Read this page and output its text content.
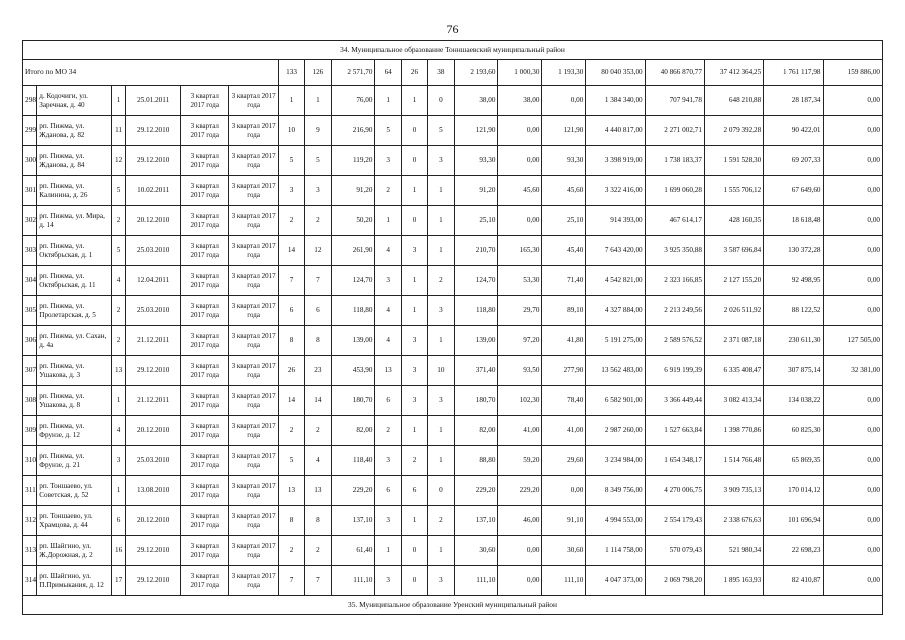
76
34. Муниципальное образование Тонншаевский муниципальный район																			
Итого по МО 34						133	126	2 571,70	64	26	38	2 193,60	1 000,30	1 193,30	80 040 353,00	40 866 870,77	37 412 364,25	1 761 117,98	159 886,00
298	д. Кодочиги, ул. Заречная, д. 40	1	25.01.2011	3 квартал 2017 года	3 квартал 2017 года	1	1	76,00	1	1	0	38,00	38,00	0,00	1 384 340,00	707 941,78	648 210,88	28 187,34	0,00
299	рп. Пижма, ул. Жданова, д. 82	11	29.12.2010	3 квартал 2017 года	3 квартал 2017 года	10	9	216,90	5	0	5	121,90	0,00	121,90	4 440 817,00	2 271 002,71	2 079 392,28	90 422,01	0,00
300	рп. Пижма, ул. Жданова, д. 84	12	29.12.2010	3 квартал 2017 года	3 квартал 2017 года	5	5	119,20	3	0	3	93,30	0,00	93,30	3 398 919,00	1 738 183,37	1 591 528,30	69 207,33	0,00
301	рп. Пижма, ул. Калинина, д. 26	5	10.02.2011	3 квартал 2017 года	3 квартал 2017 года	3	3	91,20	2	1	1	91,20	45,60	45,60	3 322 416,00	1 699 060,28	1 555 706,12	67 649,60	0,00
302	рп. Пижма, ул. Мира, д. 14	2	20.12.2010	3 квартал 2017 года	3 квартал 2017 года	2	2	50,20	1	0	1	25,10	0,00	25,10	914 393,00	467 614,17	428 160,35	18 618,48	0,00
303	рп. Пижма, ул. Октябрьская, д. 1	5	25.03.2010	3 квартал 2017 года	3 квартал 2017 года	14	12	261,90	4	3	1	210,70	165,30	45,40	7 643 420,00	3 925 350,88	3 587 696,84	130 372,28	0,00
304	рп. Пижма, ул. Октябрьская, д. 11	4	12.04.2011	3 квартал 2017 года	3 квартал 2017 года	7	7	124,70	3	1	2	124,70	53,30	71,40	4 542 821,00	2 323 166,85	2 127 155,20	92 498,95	0,00
305	рп. Пижма, ул. Пролетарская, д. 5	2	25.03.2010	3 квартал 2017 года	3 квартал 2017 года	6	6	118,80	4	1	3	118,80	29,70	89,10	4 327 884,00	2 213 249,56	2 026 511,92	88 122,52	0,00
306	рп. Пижма, ул. Сахан, д. 4а	2	21.12.2011	3 квартал 2017 года	3 квартал 2017 года	8	8	139,00	4	3	1	139,00	97,20	41,80	5 191 275,00	2 589 576,52	2 371 087,18	230 611,30	127 505,00
307	рп. Пижма, ул. Ушакова, д. 3	13	29.12.2010	3 квартал 2017 года	3 квартал 2017 года	26	23	453,90	13	3	10	371,40	93,50	277,90	13 562 483,00	6 919 199,39	6 335 408,47	307 875,14	32 381,00
308	рп. Пижма, ул. Ушакова, д. 8	1	21.12.2011	3 квартал 2017 года	3 квартал 2017 года	14	14	180,70	6	3	3	180,70	102,30	78,40	6 582 901,00	3 366 449,44	3 082 413,34	134 038,22	0,00
309	рп. Пижма, ул. Фрунзе, д. 12	4	20.12.2010	3 квартал 2017 года	3 квартал 2017 года	2	2	82,00	2	1	1	82,00	41,00	41,00	2 987 260,00	1 527 663,84	1 398 770,86	60 825,30	0,00
310	рп. Пижма, ул. Фрунзе, д. 21	3	25.03.2010	3 квартал 2017 года	3 квартал 2017 года	5	4	118,40	3	2	1	88,80	59,20	29,60	3 234 984,00	1 654 348,17	1 514 766,48	65 869,35	0,00
311	рп. Тоншаево, ул. Советская, д. 52	1	13.08.2010	3 квартал 2017 года	3 квартал 2017 года	13	13	229,20	6	6	0	229,20	229,20	0,00	8 349 756,00	4 270 006,75	3 909 735,13	170 014,12	0,00
312	рп. Тоншаево, ул. Храмцова, д. 44	6	20.12.2010	3 квартал 2017 года	3 квартал 2017 года	8	8	137,10	3	1	2	137,10	46,00	91,10	4 994 553,00	2 554 179,43	2 338 676,63	101 696,94	0,00
313	рп. Шайгино, ул. Ж.Дорожная, д. 2	16	29.12.2010	3 квартал 2017 года	3 квартал 2017 года	2	2	61,40	1	0	1	30,60	0,00	30,60	1 114 758,00	570 079,43	521 980,34	22 698,23	0,00
314	рп. Шайгино, ул. П.Примыкания, д. 12	17	29.12.2010	3 квартал 2017 года	3 квартал 2017 года	7	7	111,10	3	0	3	111,10	0,00	111,10	4 047 373,00	2 069 798,20	1 895 163,93	82 410,87	0,00
35. Муниципальное образование Уренский муниципальный район																			
